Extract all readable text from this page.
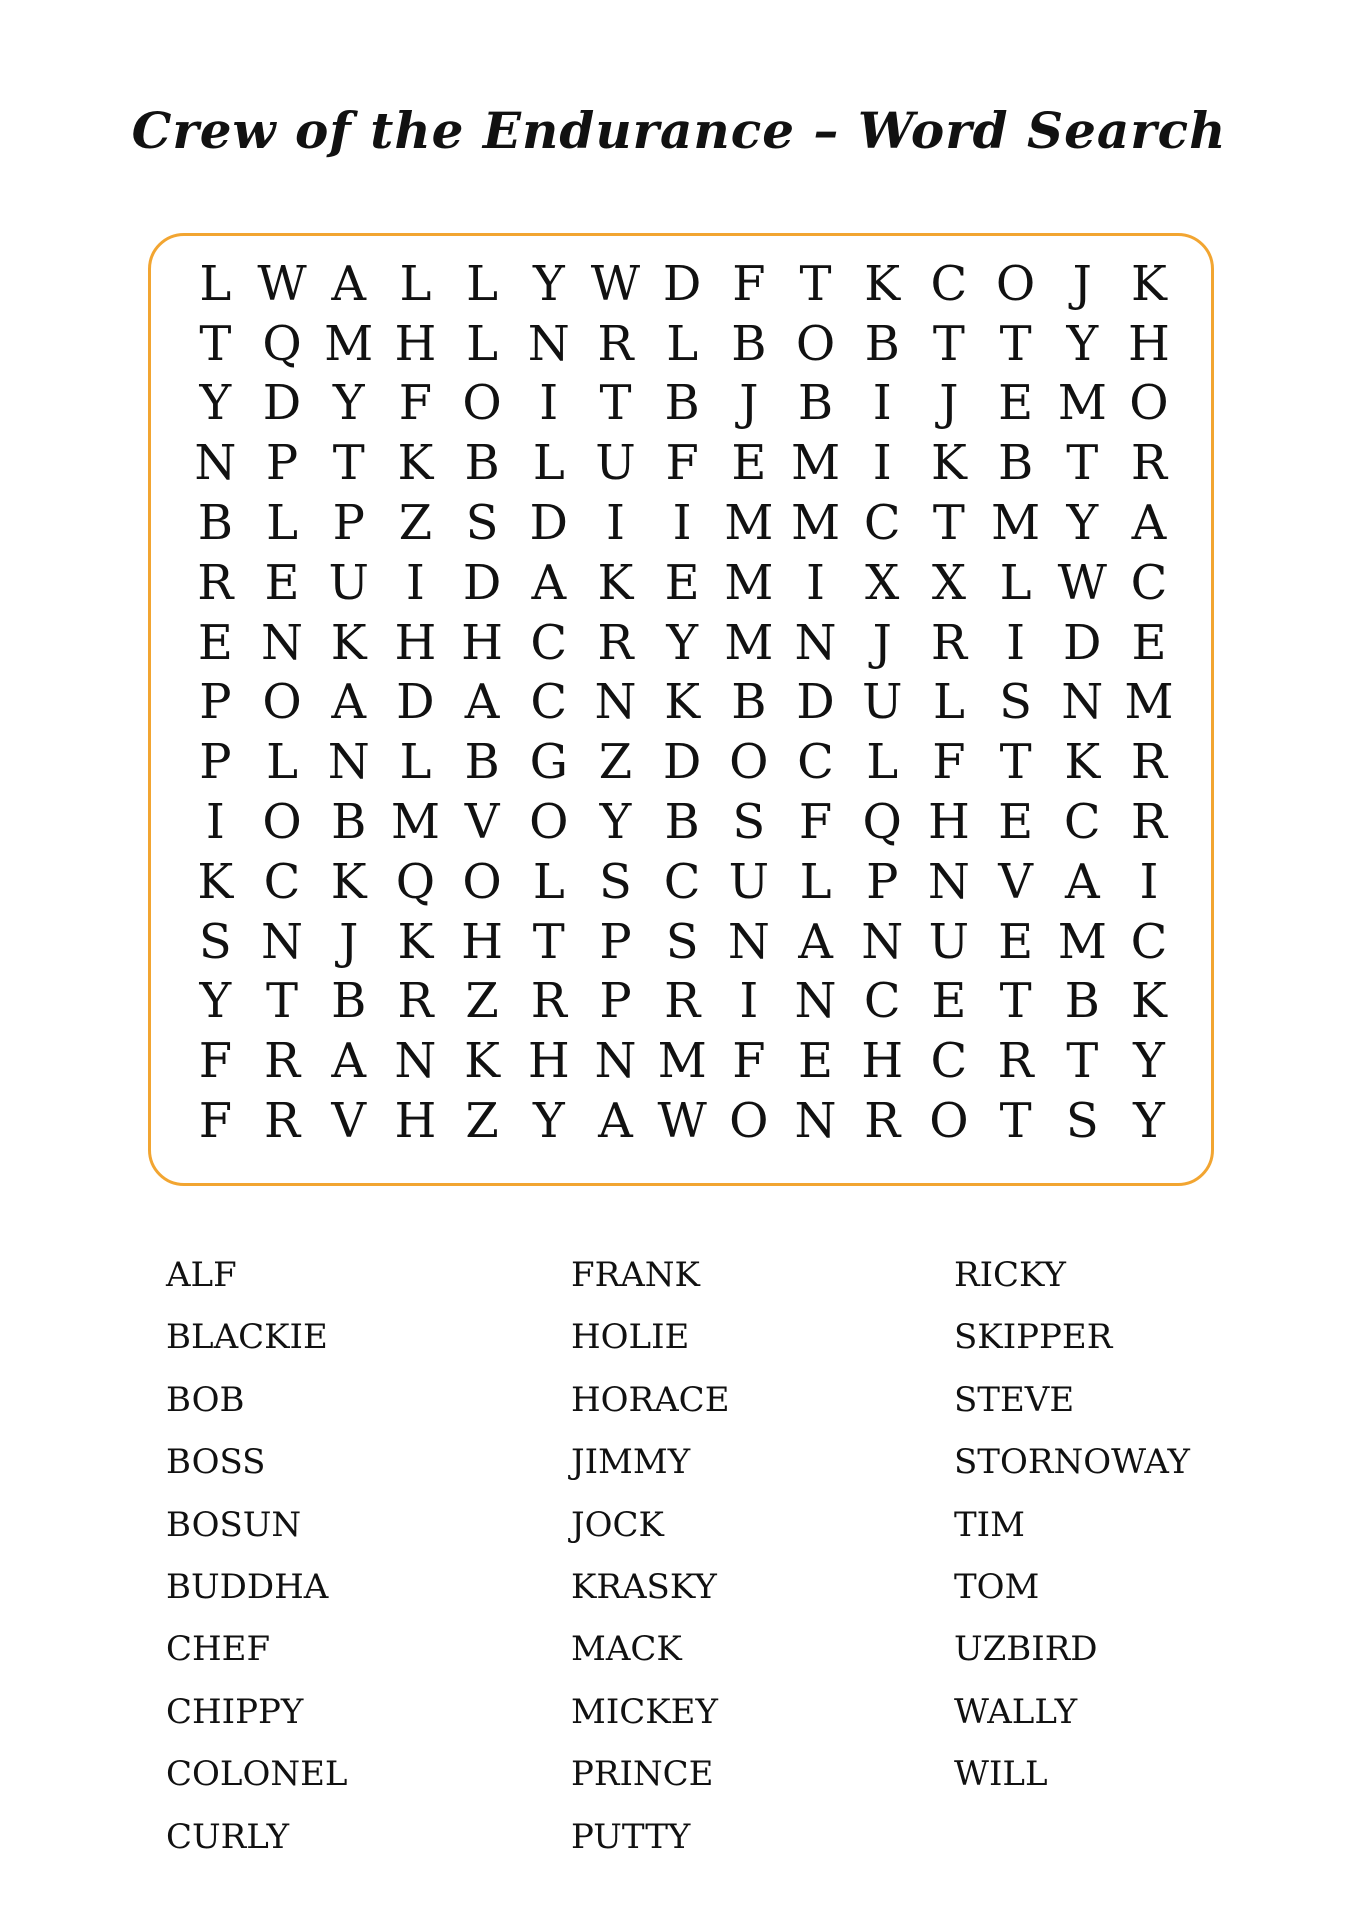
Crew of the Endurance – Word Search
L W A L L Y W D F T K C O J K
T Q M H L N R L B O B T T Y H
Y D Y F O I T B J B I J E M O
N P T K B L U F E M I K B T R
B L P Z S D I I M M C T M Y A
R E U I D A K E M I X X L W C
E N K H H C R Y M N J R I D E
P O A D A C N K B D U L S N M
P L N L B G Z D O C L F T K R
I O B M V O Y B S F Q H E C R
K C K Q O L S C U L P N V A I
S N J K H T P S N A N U E M C
Y T B R Z R P R I N C E T B K
F R A N K H N M F E H C R T Y
F R V H Z Y A W O N R O T S Y
ALF
BLACKIE
BOB
BOSS
BOSUN
BUDDHA
CHEF
CHIPPY
COLONEL
CURLY
FRANK
HOLIE
HORACE
JIMMY
JOCK
KRASKY
MACK
MICKEY
PRINCE
PUTTY
RICKY
SKIPPER
STEVE
STORNOWAY
TIM
TOM
UZBIRD
WALLY
WILL
